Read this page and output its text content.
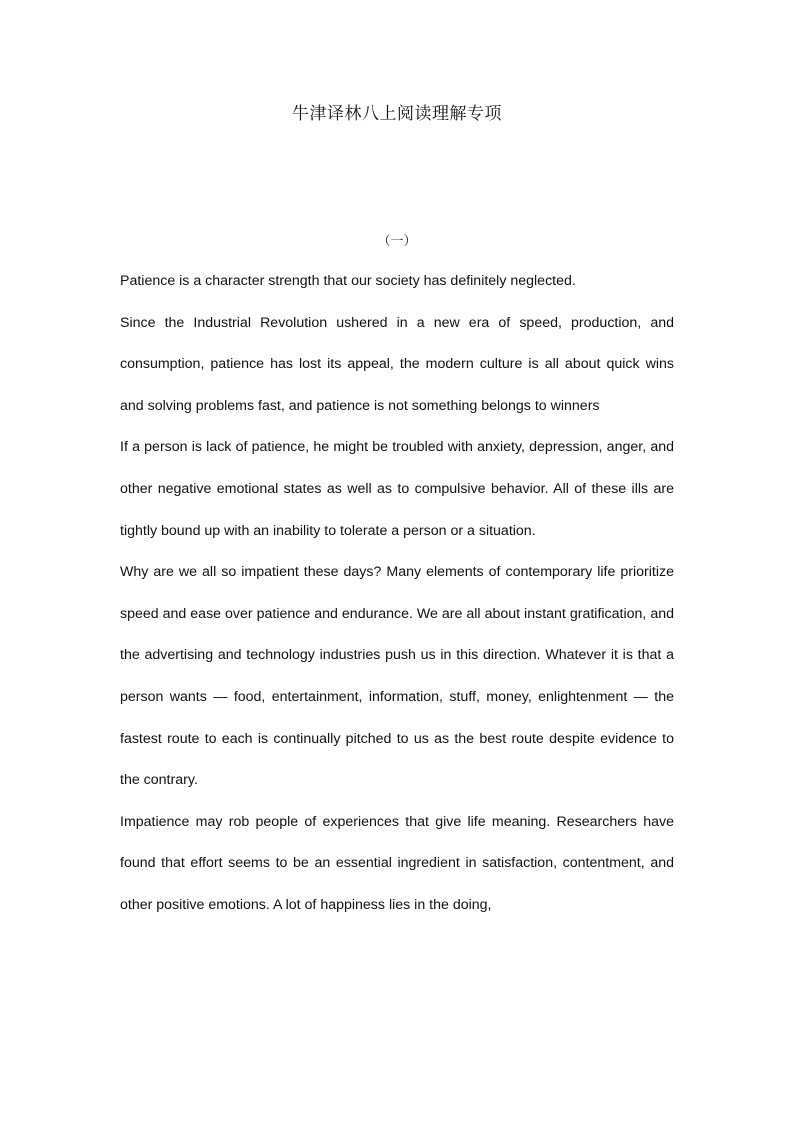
牛津译林八上阅读理解专项
（一）

Patience is a character strength that our society has definitely neglected.

Since the Industrial Revolution ushered in a new era of speed, production, and consumption, patience has lost its appeal, the modern culture is all about quick wins and solving problems fast, and patience is not something belongs to winners

If a person is lack of patience, he might be troubled with anxiety, depression, anger, and other negative emotional states as well as to compulsive behavior. All of these ills are tightly bound up with an inability to tolerate a person or a situation.

Why are we all so impatient these days? Many elements of contemporary life prioritize speed and ease over patience and endurance. We are all about instant gratification, and the advertising and technology industries push us in this direction. Whatever it is that a person wants — food, entertainment, information, stuff, money, enlightenment — the fastest route to each is continually pitched to us as the best route despite evidence to the contrary.

Impatience may rob people of experiences that give life meaning. Researchers have found that effort seems to be an essential ingredient in satisfaction, contentment, and other positive emotions. A lot of happiness lies in the doing,
